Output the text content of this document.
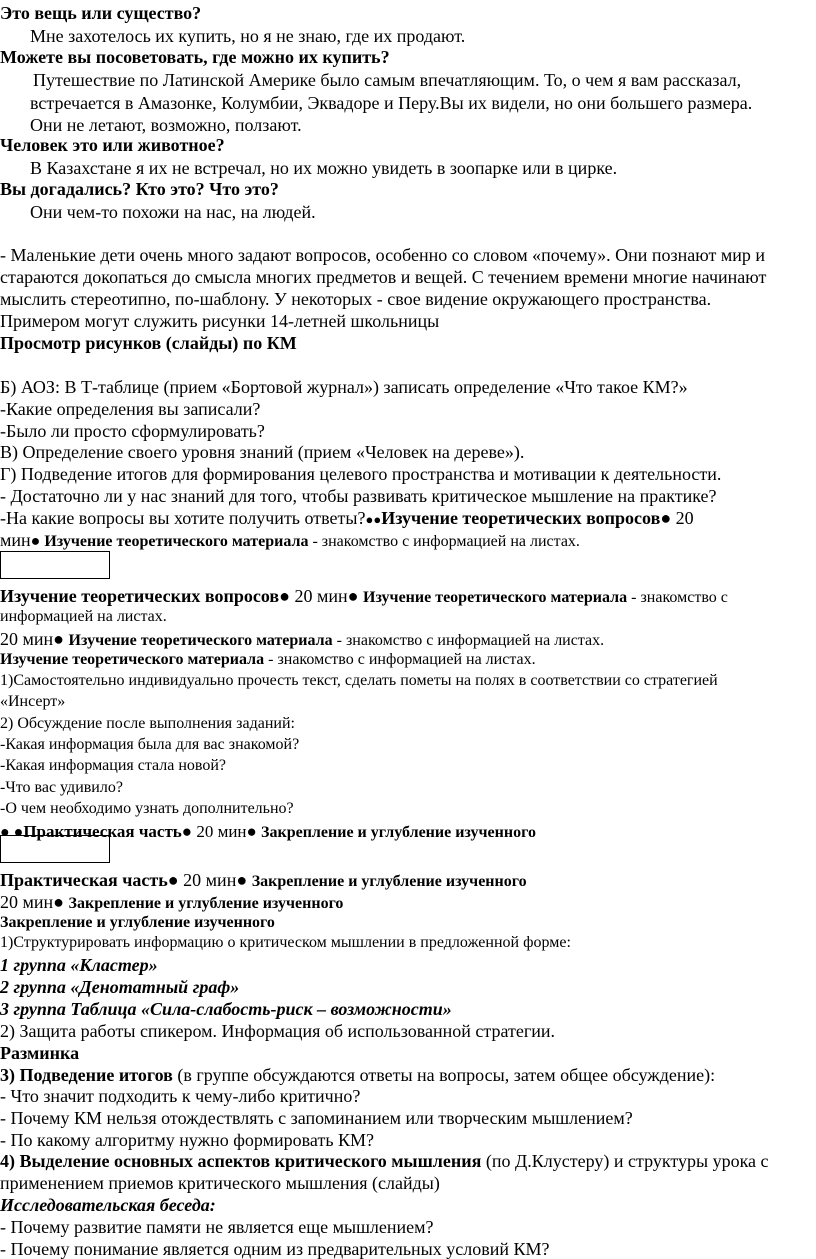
Это вещь или существо?
Мне захотелось их купить, но я не знаю, где их продают.
Можете вы посоветовать, где можно их купить?
Путешествие по Латинской Америке было самым впечатляющим. То, о чем я вам рассказал,
встречается в Амазонке, Колумбии, Эквадоре и Перу.Вы их видели, но они большего размера.
Они не летают, возможно, ползают.
Человек это или животное?
В Казахстане я их не встречал, но их можно увидеть в зоопарке или в цирке.
Вы догадались? Кто это? Что это?
Они чем-то похожи на нас, на людей.
- Маленькие дети очень много задают вопросов, особенно со словом «почему». Они познают мир и
стараются докопаться до смысла многих предметов и вещей. С течением времени многие начинают
мыслить стереотипно, по-шаблону. У некоторых - свое видение окружающего пространства.
Примером могут служить рисунки 14-летней школьницы
Просмотр рисунков (слайды) по КМ
Б) АОЗ: В Т-таблице (прием «Бортовой журнал») записать определение «Что такое КМ?»
-Какие определения вы записали?
-Было ли просто сформулировать?
В) Определение своего уровня знаний (прием «Человек на дереве»).
Г) Подведение итогов для формирования целевого пространства и мотивации к деятельности.
- Достаточно ли у нас знаний для того, чтобы развивать критическое мышление на практике?
-На какие вопросы вы хотите получить ответы?●●Изучение теоретических вопросов● 20
мин● Изучение теоретического материала - знакомство с информацией на листах.
Изучение теоретических вопросов● 20 мин● Изучение теоретического материала - знакомство с
информацией на листах.
20 мин● Изучение теоретического материала - знакомство с информацией на листах.
Изучение теоретического материала - знакомство с информацией на листах.
1)Самостоятельно индивидуально прочесть текст, сделать пометы на полях в соответствии со стратегией
«Инсерт»
2) Обсуждение после выполнения заданий:
-Какая информация была для вас знакомой?
-Какая информация стала новой?
-Что вас удивило?
-О чем необходимо узнать дополнительно?
● ●Практическая часть● 20 мин● Закрепление и углубление изученного
Практическая часть● 20 мин● Закрепление и углубление изученного
20 мин● Закрепление и углубление изученного
Закрепление и углубление изученного
1)Структурировать информацию о критическом мышлении в предложенной форме:
1 группа «Кластер»
2 группа «Денотатный граф»
3 группа Таблица «Сила-слабость-риск – возможности»
2) Защита работы спикером. Информация об использованной стратегии.
Разминка
3) Подведение итогов (в группе обсуждаются ответы на вопросы, затем общее обсуждение):
- Что значит подходить к чему-либо критично?
- Почему КМ нельзя отождествлять с запоминанием или творческим мышлением?
- По какому алгоритму нужно формировать КМ?
4) Выделение основных аспектов критического мышления (по Д.Клустеру) и структуры урока с
применением приемов критического мышления (слайды)
Исследовательская беседа:
- Почему развитие памяти не является еще мышлением?
- Почему понимание является одним из предварительных условий КМ?
